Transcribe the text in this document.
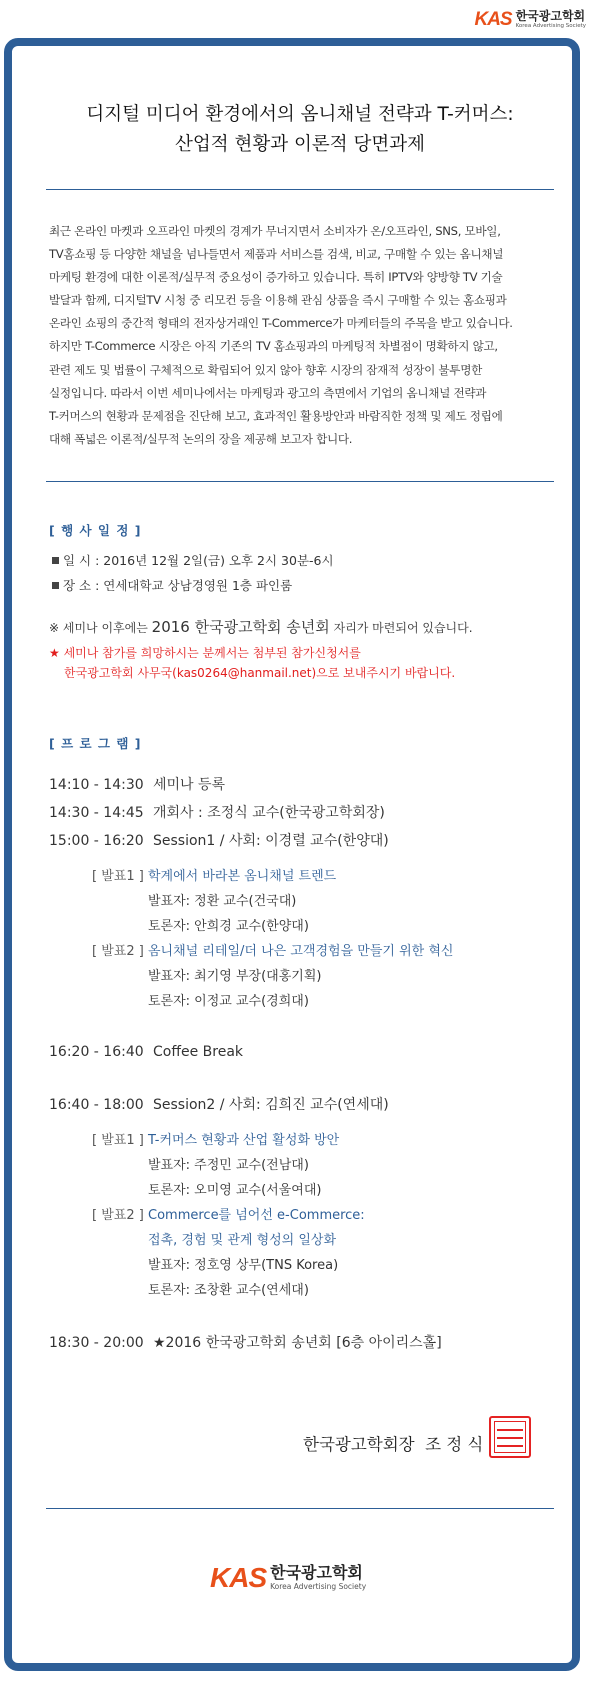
KAS 한국광고학회
Korea Advertising Society
디지털 미디어 환경에서의 옴니채널 전략과 T-커머스:
산업적 현황과 이론적 당면과제
최근 온라인 마켓과 오프라인 마켓의 경계가 무너지면서 소비자가 온/오프라인, SNS, 모바일,
TV홈쇼핑 등 다양한 채널을 넘나들면서 제품과 서비스를 검색, 비교, 구매할 수 있는 옴니채널
마케팅 환경에 대한 이론적/실무적 중요성이 증가하고 있습니다. 특히 IPTV와 양방향 TV 기술
발달과 함께, 디지털TV 시청 중 리모컨 등을 이용해 관심 상품을 즉시 구매할 수 있는 홈쇼핑과
온라인 쇼핑의 중간적 형태의 전자상거래인 T-Commerce가 마케터들의 주목을 받고 있습니다.
하지만 T-Commerce 시장은 아직 기존의 TV 홈쇼핑과의 마케팅적 차별점이 명확하지 않고,
관련 제도 및 법률이 구체적으로 확립되어 있지 않아 향후 시장의 잠재적 성장이 불투명한
실정입니다. 따라서 이번 세미나에서는 마케팅과 광고의 측면에서 기업의 옴니채널 전략과
T-커머스의 현황과 문제점을 진단해 보고, 효과적인 활용방안과 바람직한 정책 및 제도 정립에
대해 폭넓은 이론적/실무적 논의의 장을 제공해 보고자 합니다.
[ 행 사 일 정 ]
일 시 : 2016년 12월 2일(금) 오후 2시 30분-6시
장 소 : 연세대학교 상남경영원 1층 파인룸
※ 세미나 이후에는 2016 한국광고학회 송년회 자리가 마련되어 있습니다.
★ 세미나 참가를 희망하시는 분께서는 첨부된 참가신청서를
한국광고학회 사무국(kas0264@hanmail.net)으로 보내주시기 바랍니다.
[ 프 로 그 램 ]
14:10 - 14:30 세미나 등록
14:30 - 14:45 개회사 : 조정식 교수(한국광고학회장)
15:00 - 16:20 Session1 / 사회: 이경렬 교수(한양대)
[ 발표1 ] 학계에서 바라본 옴니채널 트렌드
발표자: 정환 교수(건국대)
토론자: 안희경 교수(한양대)
[ 발표2 ] 옴니채널 리테일/더 나은 고객경험을 만들기 위한 혁신
발표자: 최기영 부장(대홍기획)
토론자: 이정교 교수(경희대)
16:20 - 16:40 Coffee Break
16:40 - 18:00 Session2 / 사회: 김희진 교수(연세대)
[ 발표1 ] T-커머스 현황과 산업 활성화 방안
발표자: 주정민 교수(전남대)
토론자: 오미영 교수(서울여대)
[ 발표2 ] Commerce를 넘어선 e-Commerce:
접촉, 경험 및 관계 형성의 일상화
발표자: 정호영 상무(TNS Korea)
토론자: 조창환 교수(연세대)
18:30 - 20:00 ★2016 한국광고학회 송년회 [6층 아이리스홀]
한국광고학회장  조 정 식
KAS 한국광고학회
Korea Advertising Society
